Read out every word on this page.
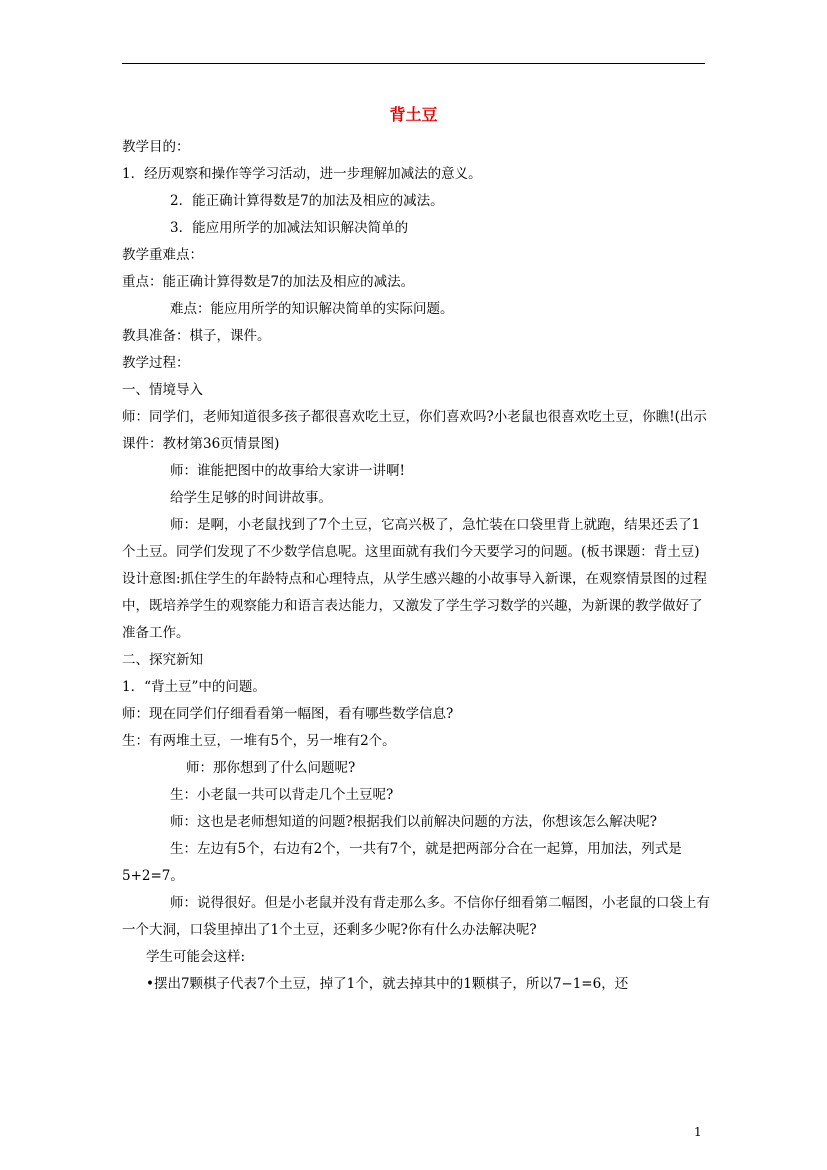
背土豆

教学目的：

1．经历观察和操作等学习活动，进一步理解加减法的意义。

2．能正确计算得数是7的加法及相应的减法。

3．能应用所学的加减法知识解决简单的

教学重难点：

重点：能正确计算得数是7的加法及相应的减法。

难点：能应用所学的知识解决简单的实际问题。

教具准备：棋子，课件。

教学过程：

一、情境导入

师：同学们，老师知道很多孩子都很喜欢吃土豆，你们喜欢吗?小老鼠也很喜欢吃土豆，你瞧!(出示课件：教材第36页情景图)

师：谁能把图中的故事给大家讲一讲啊!

给学生足够的时间讲故事。

师：是啊，小老鼠找到了7个土豆，它高兴极了，急忙装在口袋里背上就跑，结果还丢了1个土豆。同学们发现了不少数学信息呢。这里面就有我们今天要学习的问题。(板书课题：背土豆)

设计意图:抓住学生的年龄特点和心理特点，从学生感兴趣的小故事导入新课，在观察情景图的过程中，既培养学生的观察能力和语言表达能力，又激发了学生学习数学的兴趣，为新课的教学做好了准备工作。

二、探究新知

1．“背土豆”中的问题。

师：现在同学们仔细看看第一幅图，看有哪些数学信息?

生：有两堆土豆，一堆有5个，另一堆有2个。

师：那你想到了什么问题呢?

生：小老鼠一共可以背走几个土豆呢?

师：这也是老师想知道的问题?根据我们以前解决问题的方法，你想该怎么解决呢?

生：左边有5个，右边有2个，一共有7个，就是把两部分合在一起算，用加法，列式是5+2=7。

师：说得很好。但是小老鼠并没有背走那么多。不信你仔细看第二幅图，小老鼠的口袋上有一个大洞，口袋里掉出了1个土豆，还剩多少呢?你有什么办法解决呢?

学生可能会这样:

•摆出7颗棋子代表7个土豆，掉了1个，就去掉其中的1颗棋子，所以7−1=6，还

1
